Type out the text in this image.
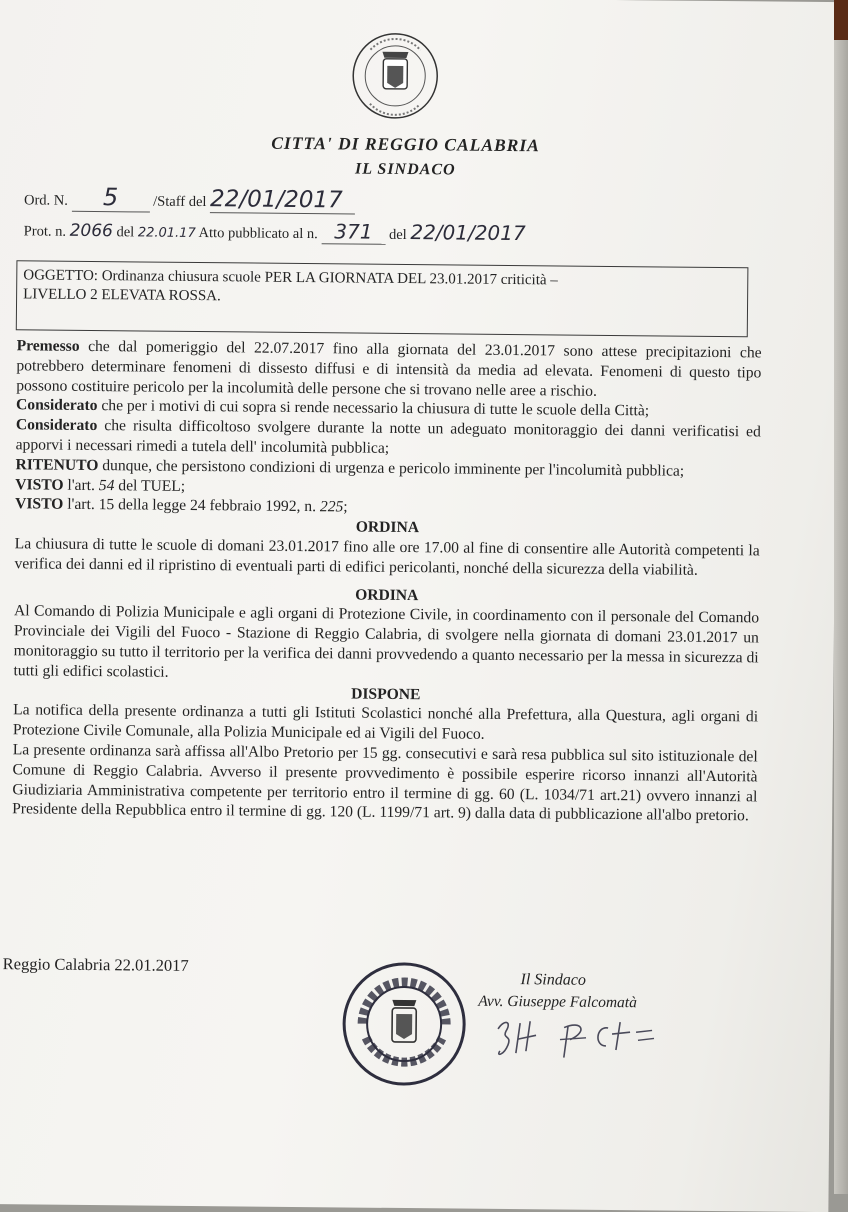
CITTA' DI REGGIO CALABRIA
IL SINDACO
Ord. N. 5 /Staff del 22/01/2017
Prot. n. 2066 del 22.01.17 Atto pubblicato al n. 371 del 22/01/2017
OGGETTO: Ordinanza chiusura scuole PER LA GIORNATA DEL 23.01.2017 criticità –
LIVELLO 2 ELEVATA ROSSA.

Premesso che dal pomeriggio del 22.07.2017 fino alla giornata del 23.01.2017 sono attese precipitazioni che potrebbero determinare fenomeni di dissesto diffusi e di intensità da media ad elevata. Fenomeni di questo tipo possono costituire pericolo per la incolumità delle persone che si trovano nelle aree a rischio.

Considerato che per i motivi di cui sopra si rende necessario la chiusura di tutte le scuole della Città;

Considerato che risulta difficoltoso svolgere durante la notte un adeguato monitoraggio dei danni verificatisi ed apporvi i necessari rimedi a tutela dell' incolumità pubblica;

RITENUTO dunque, che persistono condizioni di urgenza e pericolo imminente per l'incolumità pubblica;

VISTO l'art. 54 del TUEL;

VISTO l'art. 15 della legge 24 febbraio 1992, n. 225;

ORDINA

La chiusura di tutte le scuole di domani 23.01.2017 fino alle ore 17.00 al fine di consentire alle Autorità competenti la verifica dei danni ed il ripristino di eventuali parti di edifici pericolanti, nonché della sicurezza della viabilità.

ORDINA

Al Comando di Polizia Municipale e agli organi di Protezione Civile, in coordinamento con il personale del Comando Provinciale dei Vigili del Fuoco - Stazione di Reggio Calabria, di svolgere nella giornata di domani 23.01.2017 un monitoraggio su tutto il territorio per la verifica dei danni provvedendo a quanto necessario per la messa in sicurezza di tutti gli edifici scolastici.

DISPONE

La notifica della presente ordinanza a tutti gli Istituti Scolastici nonché alla Prefettura, alla Questura, agli organi di Protezione Civile Comunale, alla Polizia Municipale ed ai Vigili del Fuoco.

La presente ordinanza sarà affissa all'Albo Pretorio per 15 gg. consecutivi e sarà resa pubblica sul sito istituzionale del Comune di Reggio Calabria. Avverso il presente provvedimento è possibile esperire ricorso innanzi all'Autorità Giudiziaria Amministrativa competente per territorio entro il termine di gg. 60 (L. 1034/71 art.21) ovvero innanzi al Presidente della Repubblica entro il termine di gg. 120 (L. 1199/71 art. 9) dalla data di pubblicazione all'albo pretorio.

Reggio Calabria 22.01.2017
Il Sindaco
Avv. Giuseppe Falcomatà
